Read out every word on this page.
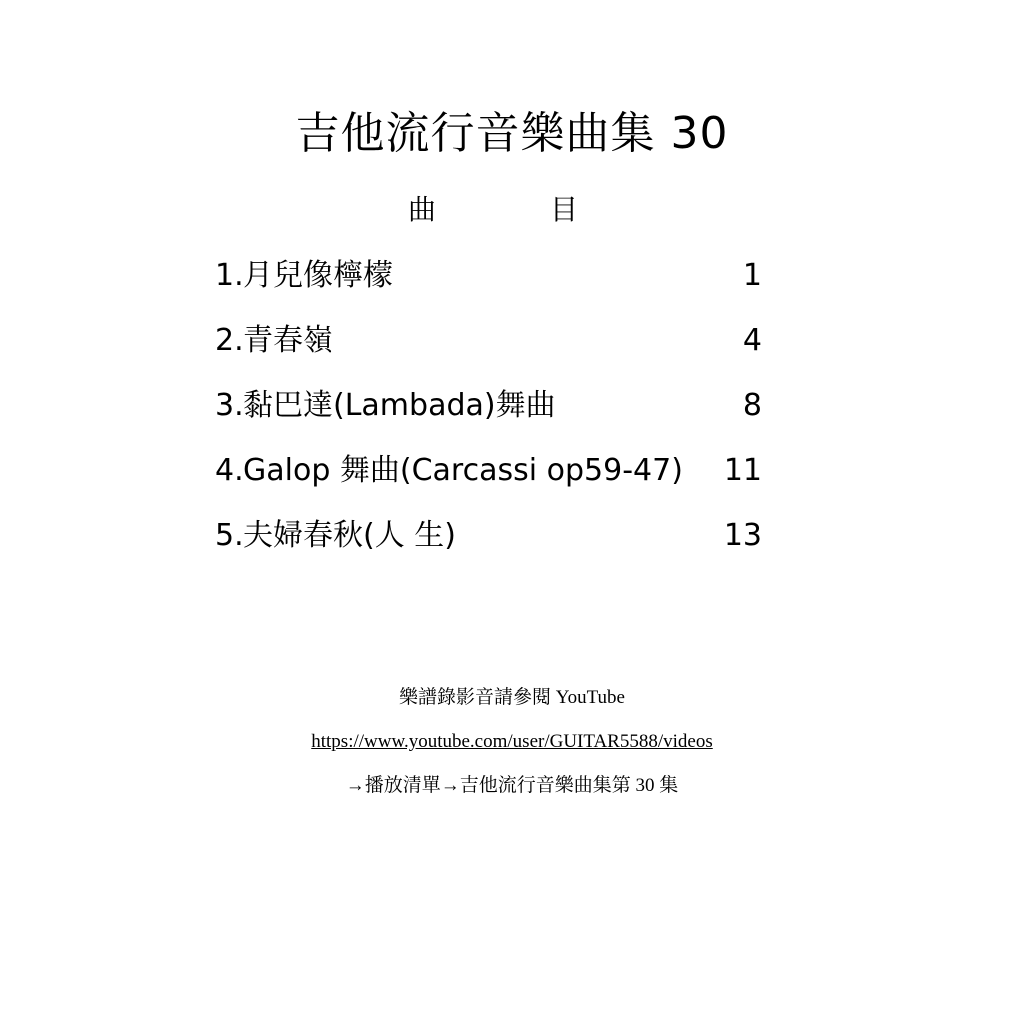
吉他流行音樂曲集 30
曲	目
1. 月兒像檸檬	1
2. 青春嶺	4
3. 黏巴達(Lambada)舞曲	8
4. Galop 舞曲(Carcassi op59-47) 11
5. 夫婦春秋(人 生)	13
樂譜錄影音請參閱 YouTube
https://www.youtube.com/user/GUITAR5588/videos
→播放清單→吉他流行音樂曲集第 30 集
